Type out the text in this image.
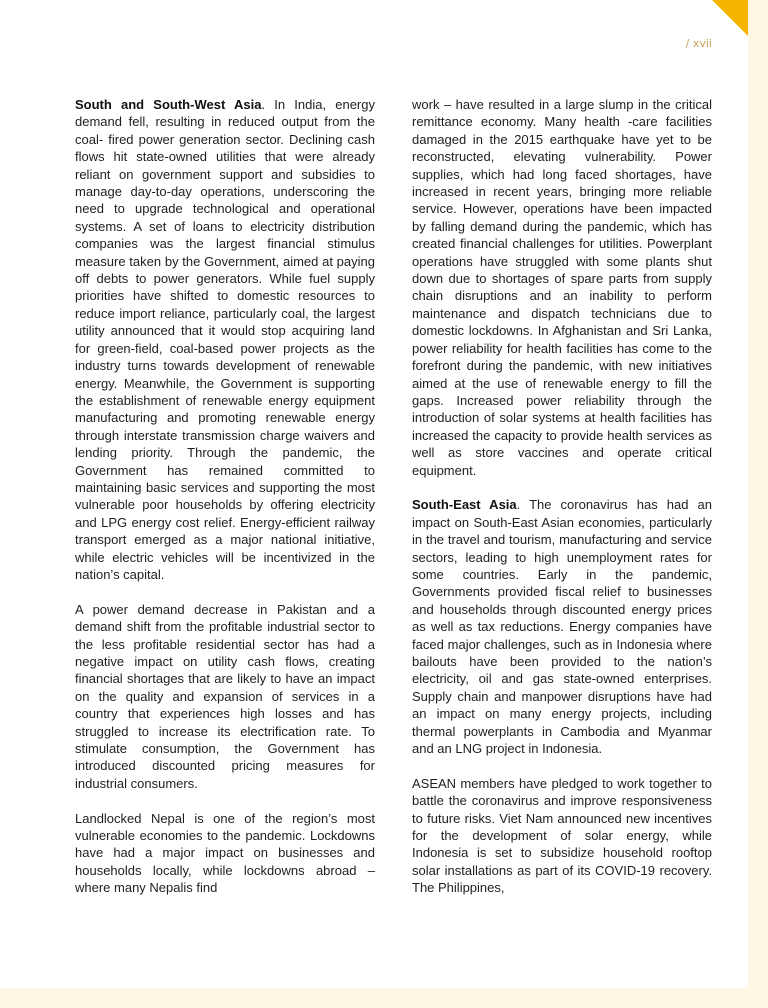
/ xvii

South and South-West Asia. In India, energy demand fell, resulting in reduced output from the coal- fired power generation sector. Declining cash flows hit state-owned utilities that were already reliant on government support and subsidies to manage day-to-day operations, underscoring the need to upgrade technological and operational systems. A set of loans to electricity distribution companies was the largest financial stimulus measure taken by the Government, aimed at paying off debts to power generators. While fuel supply priorities have shifted to domestic resources to reduce import reliance, particularly coal, the largest utility announced that it would stop acquiring land for green-field, coal-based power projects as the industry turns towards development of renewable energy. Meanwhile, the Government is supporting the establishment of renewable energy equipment manufacturing and promoting renewable energy through interstate transmission charge waivers and lending priority. Through the pandemic, the Government has remained committed to maintaining basic services and supporting the most vulnerable poor households by offering electricity and LPG energy cost relief. Energy-efficient railway transport emerged as a major national initiative, while electric vehicles will be incentivized in the nation’s capital.

A power demand decrease in Pakistan and a demand shift from the profitable industrial sector to the less profitable residential sector has had a negative impact on utility cash flows, creating financial shortages that are likely to have an impact on the quality and expansion of services in a country that experiences high losses and has struggled to increase its electrification rate. To stimulate consumption, the Government has introduced discounted pricing measures for industrial consumers.

Landlocked Nepal is one of the region’s most vulnerable economies to the pandemic. Lockdowns have had a major impact on businesses and households locally, while lockdowns abroad – where many Nepalis find

work – have resulted in a large slump in the critical remittance economy. Many health -care facilities damaged in the 2015 earthquake have yet to be reconstructed, elevating vulnerability. Power supplies, which had long faced shortages, have increased in recent years, bringing more reliable service. However, operations have been impacted by falling demand during the pandemic, which has created financial challenges for utilities. Powerplant operations have struggled with some plants shut down due to shortages of spare parts from supply chain disruptions and an inability to perform maintenance and dispatch technicians due to domestic lockdowns. In Afghanistan and Sri Lanka, power reliability for health facilities has come to the forefront during the pandemic, with new initiatives aimed at the use of renewable energy to fill the gaps. Increased power reliability through the introduction of solar systems at health facilities has increased the capacity to provide health services as well as store vaccines and operate critical equipment.

South-East Asia. The coronavirus has had an impact on South-East Asian economies, particularly in the travel and tourism, manufacturing and service sectors, leading to high unemployment rates for some countries. Early in the pandemic, Governments provided fiscal relief to businesses and households through discounted energy prices as well as tax reductions. Energy companies have faced major challenges, such as in Indonesia where bailouts have been provided to the nation’s electricity, oil and gas state-owned enterprises. Supply chain and manpower disruptions have had an impact on many energy projects, including thermal powerplants in Cambodia and Myanmar and an LNG project in Indonesia.

ASEAN members have pledged to work together to battle the coronavirus and improve responsiveness to future risks. Viet Nam announced new incentives for the development of solar energy, while Indonesia is set to subsidize household rooftop solar installations as part of its COVID-19 recovery. The Philippines,
